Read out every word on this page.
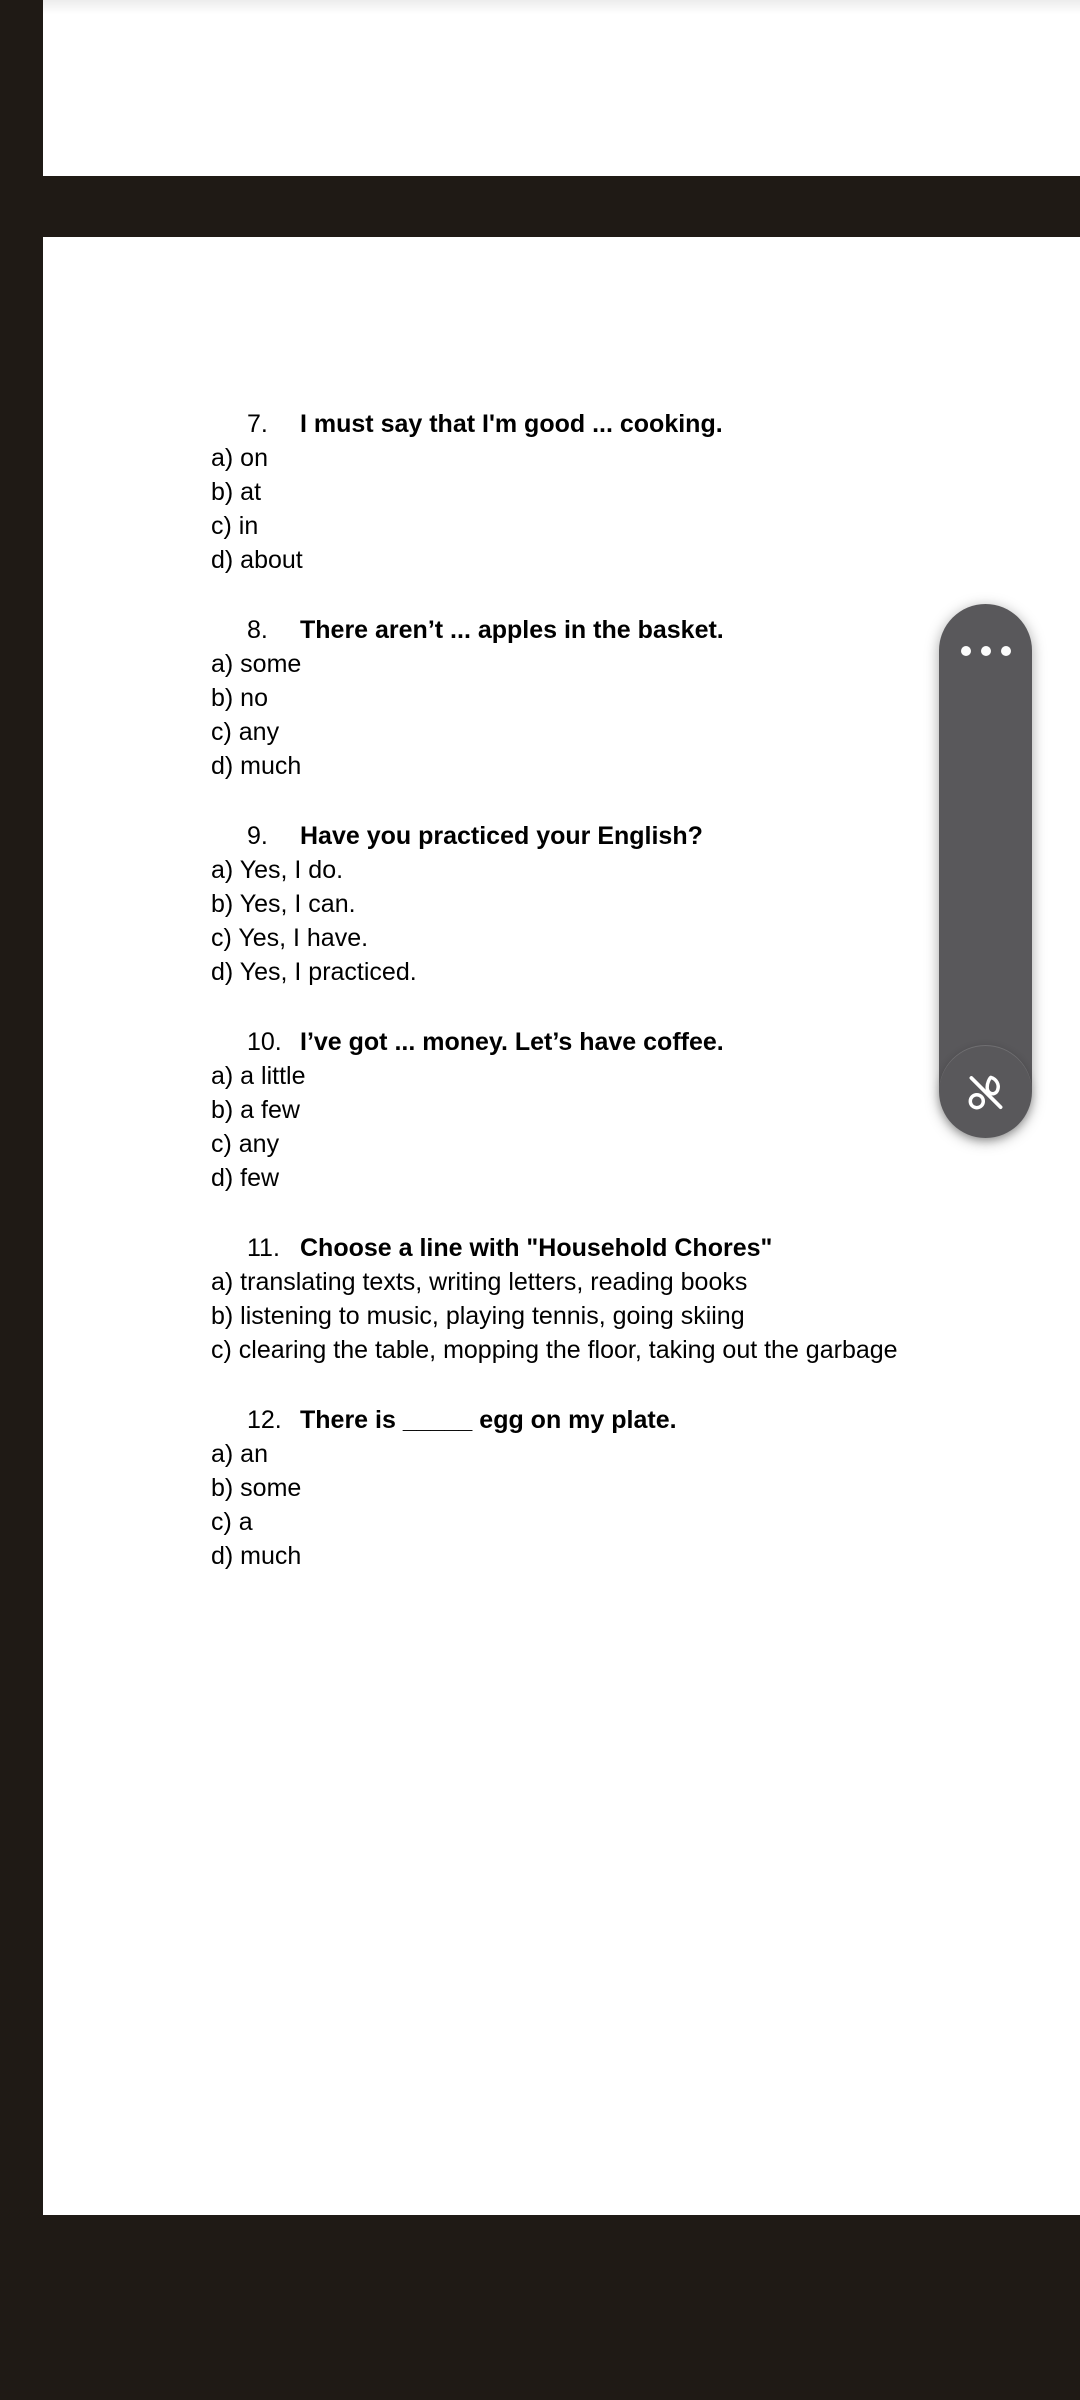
7. I must say that I'm good ... cooking.
a) on
b) at
c) in
d) about
8. There aren’t ... apples in the basket.
a) some
b) no
c) any
d) much
9. Have you practiced your English?
a) Yes, I do.
b) Yes, I can.
c) Yes, I have.
d) Yes, I practiced.
10. I’ve got ... money. Let’s have coffee.
a) a little
b) a few
c) any
d) few
11. Choose a line with "Household Chores"
a) translating texts, writing letters, reading books
b) listening to music, playing tennis, going skiing
c) clearing the table, mopping the floor, taking out the garbage
12. There is _____ egg on my plate.
a) an
b) some
c) a
d) much
